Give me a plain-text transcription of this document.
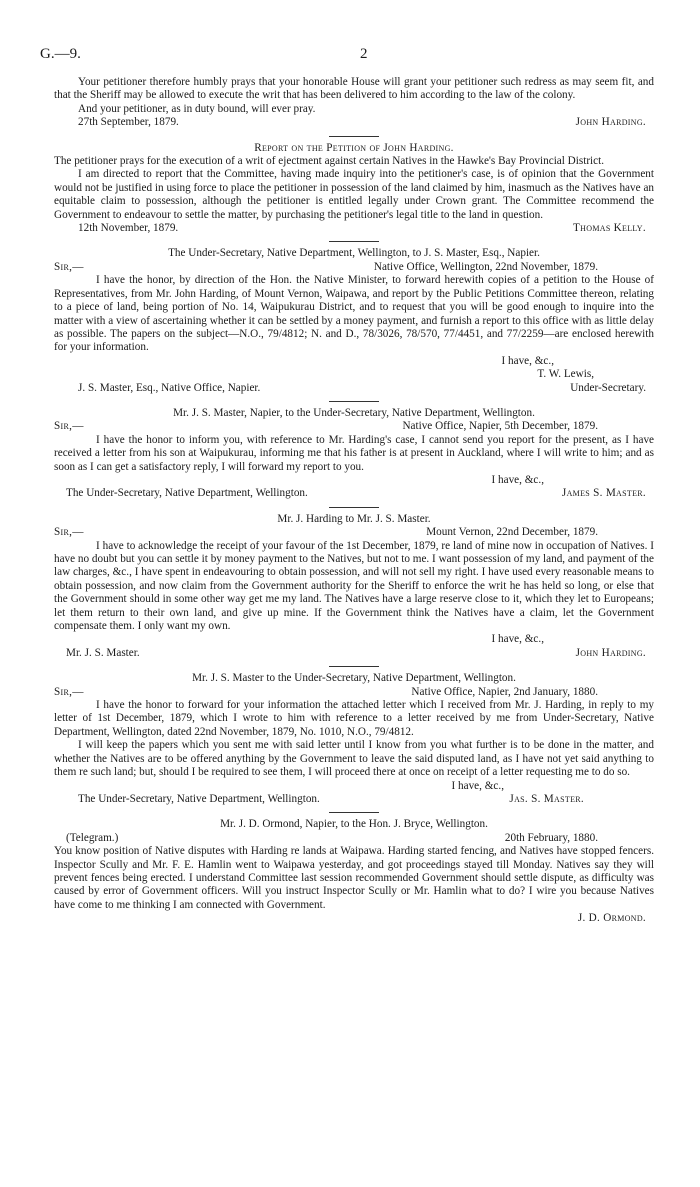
G.—9.	2

Your petitioner therefore humbly prays that your honorable House will grant your petitioner such redress as may seem fit, and that the Sheriff may be allowed to execute the writ that has been delivered to him according to the law of the colony.

And your petitioner, as in duty bound, will ever pray.

27th September, 1879.	John Harding.

Report on the Petition of John Harding.

The petitioner prays for the execution of a writ of ejectment against certain Natives in the Hawke's Bay Provincial District.

I am directed to report that the Committee, having made inquiry into the petitioner's case, is of opinion that the Government would not be justified in using force to place the petitioner in possession of the land claimed by him, inasmuch as the Natives have an equitable claim to possession, although the petitioner is entitled legally under Crown grant. The Committee recommend the Government to endeavour to settle the matter, by purchasing the petitioner's legal title to the land in question.

12th November, 1879.	Thomas Kelly.

The Under-Secretary, Native Department, Wellington, to J. S. Master, Esq., Napier.

Sir,—	Native Office, Wellington, 22nd November, 1879.

I have the honor, by direction of the Hon. the Native Minister, to forward herewith copies of a petition to the House of Representatives, from Mr. John Harding, of Mount Vernon, Waipawa, and report by the Public Petitions Committee thereon, relating to a piece of land, being portion of No. 14, Waipukurau District, and to request that you will be good enough to inquire into the matter with a view of ascertaining whether it can be settled by a money payment, and furnish a report to this office with as little delay as possible. The papers on the subject—N.O., 79/4812; N. and D., 78/3026, 78/570, 77/4451, and 77/2259—are enclosed herewith for your information.

I have, &c.,

T. W. Lewis,

J. S. Master, Esq., Native Office, Napier.	Under-Secretary.

Mr. J. S. Master, Napier, to the Under-Secretary, Native Department, Wellington.

Sir,—	Native Office, Napier, 5th December, 1879.

I have the honor to inform you, with reference to Mr. Harding's case, I cannot send you report for the present, as I have received a letter from his son at Waipukurau, informing me that his father is at present in Auckland, where I will write to him; and as soon as I can get a satisfactory reply, I will forward my report to you.

I have, &c.,

The Under-Secretary, Native Department, Wellington.	James S. Master.

Mr. J. Harding to Mr. J. S. Master.

Sir,—	Mount Vernon, 22nd December, 1879.

I have to acknowledge the receipt of your favour of the 1st December, 1879, re land of mine now in occupation of Natives. I have no doubt but you can settle it by money payment to the Natives, but not to me. I want possession of my land, and payment of the law charges, &c., I have spent in endeavouring to obtain possession, and will not sell my right. I have used every reasonable means to obtain possession, and now claim from the Government authority for the Sheriff to enforce the writ he has held so long, or else that the Government should in some other way get me my land. The Natives have a large reserve close to it, which they let to Europeans; let them return to their own land, and give up mine. If the Government think the Natives have a claim, let the Government compensate them. I only want my own.

I have, &c.,

Mr. J. S. Master.	John Harding.

Mr. J. S. Master to the Under-Secretary, Native Department, Wellington.

Sir,—	Native Office, Napier, 2nd January, 1880.

I have the honor to forward for your information the attached letter which I received from Mr. J. Harding, in reply to my letter of 1st December, 1879, which I wrote to him with reference to a letter received by me from Under-Secretary, Native Department, Wellington, dated 22nd November, 1879, No. 1010, N.O., 79/4812.

I will keep the papers which you sent me with said letter until I know from you what further is to be done in the matter, and whether the Natives are to be offered anything by the Government to leave the said disputed land, as I have not yet said anything to them re such land; but, should I be required to see them, I will proceed there at once on receipt of a letter requesting me to do so.

I have, &c.,

The Under-Secretary, Native Department, Wellington.	Jas. S. Master.

Mr. J. D. Ormond, Napier, to the Hon. J. Bryce, Wellington.

(Telegram.)	20th February, 1880.

You know position of Native disputes with Harding re lands at Waipawa. Harding started fencing, and Natives have stopped fencers. Inspector Scully and Mr. F. E. Hamlin went to Waipawa yesterday, and got proceedings stayed till Monday. Natives say they will prevent fences being erected. I understand Committee last session recommended Government should settle dispute, as difficulty was caused by error of Government officers. Will you instruct Inspector Scully or Mr. Hamlin what to do? I wire you because Natives have come to me thinking I am connected with Government.

J. D. Ormond.
